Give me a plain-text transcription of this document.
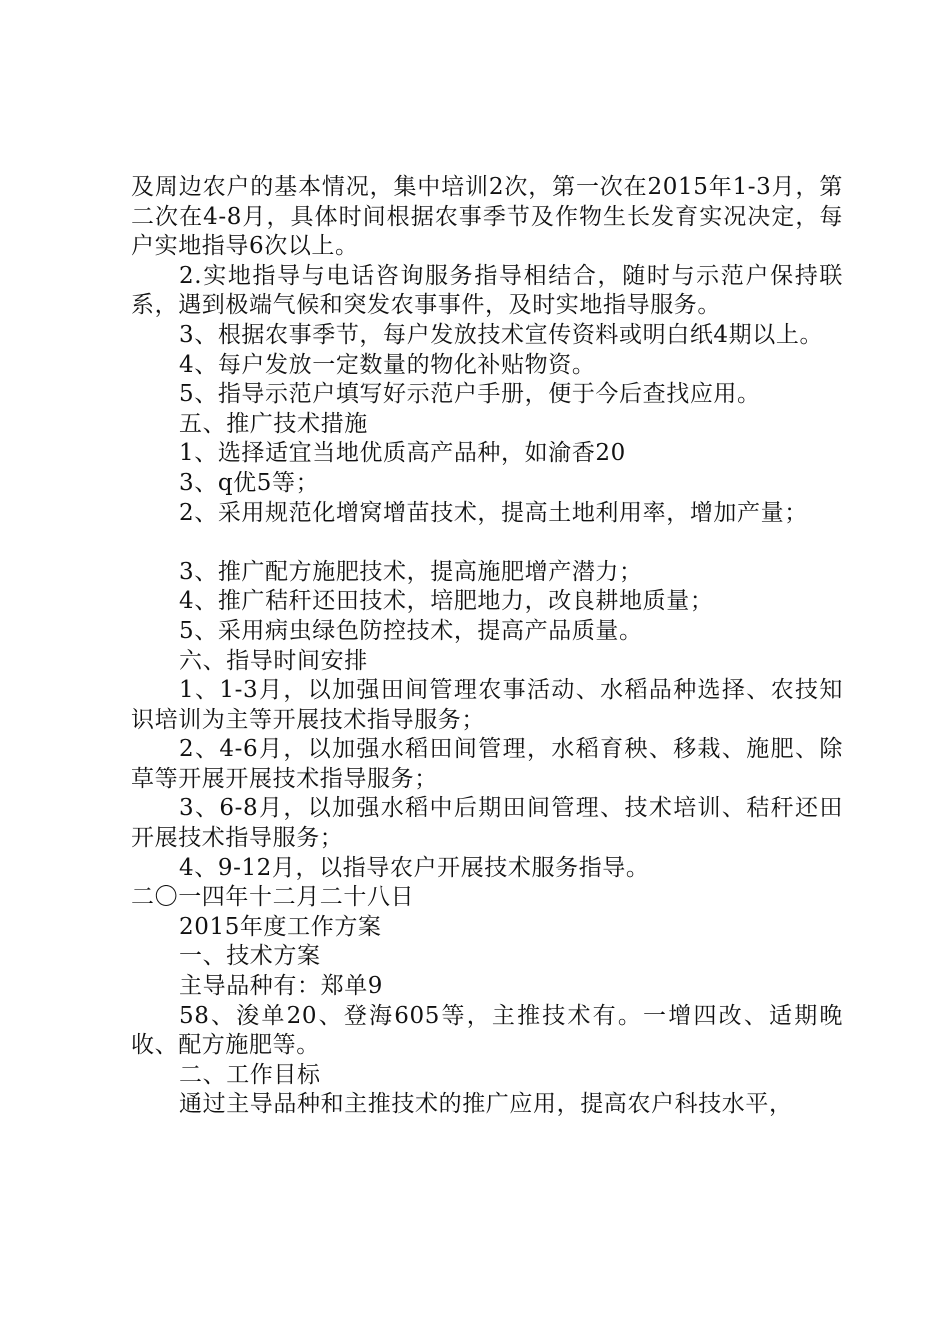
及周边农户的基本情况，集中培训2次，第一次在2015年1-3月，第二次在4-8月，具体时间根据农事季节及作物生长发育实况决定，每户实地指导6次以上。

2.实地指导与电话咨询服务指导相结合，随时与示范户保持联系，遇到极端气候和突发农事事件，及时实地指导服务。

3、根据农事季节，每户发放技术宣传资料或明白纸4期以上。

4、每户发放一定数量的物化补贴物资。

5、指导示范户填写好示范户手册，便于今后查找应用。

五、推广技术措施

1、选择适宜当地优质高产品种，如渝香20

3、q优5等；

2、采用规范化增窝增苗技术，提高土地利用率，增加产量；

3、推广配方施肥技术，提高施肥增产潜力；

4、推广秸秆还田技术，培肥地力，改良耕地质量；

5、采用病虫绿色防控技术，提高产品质量。

六、指导时间安排

1、1-3月，以加强田间管理农事活动、水稻品种选择、农技知识培训为主等开展技术指导服务；

2、4-6月，以加强水稻田间管理，水稻育秧、移栽、施肥、除草等开展开展技术指导服务；

3、6-8月，以加强水稻中后期田间管理、技术培训、秸秆还田开展技术指导服务；

4、9-12月，以指导农户开展技术服务指导。

二〇一四年十二月二十八日

2015年度工作方案

一、技术方案

主导品种有：郑单9

58、浚单20、登海605等，主推技术有。一增四改、适期晚收、配方施肥等。

二、工作目标

通过主导品种和主推技术的推广应用，提高农户科技水平，
